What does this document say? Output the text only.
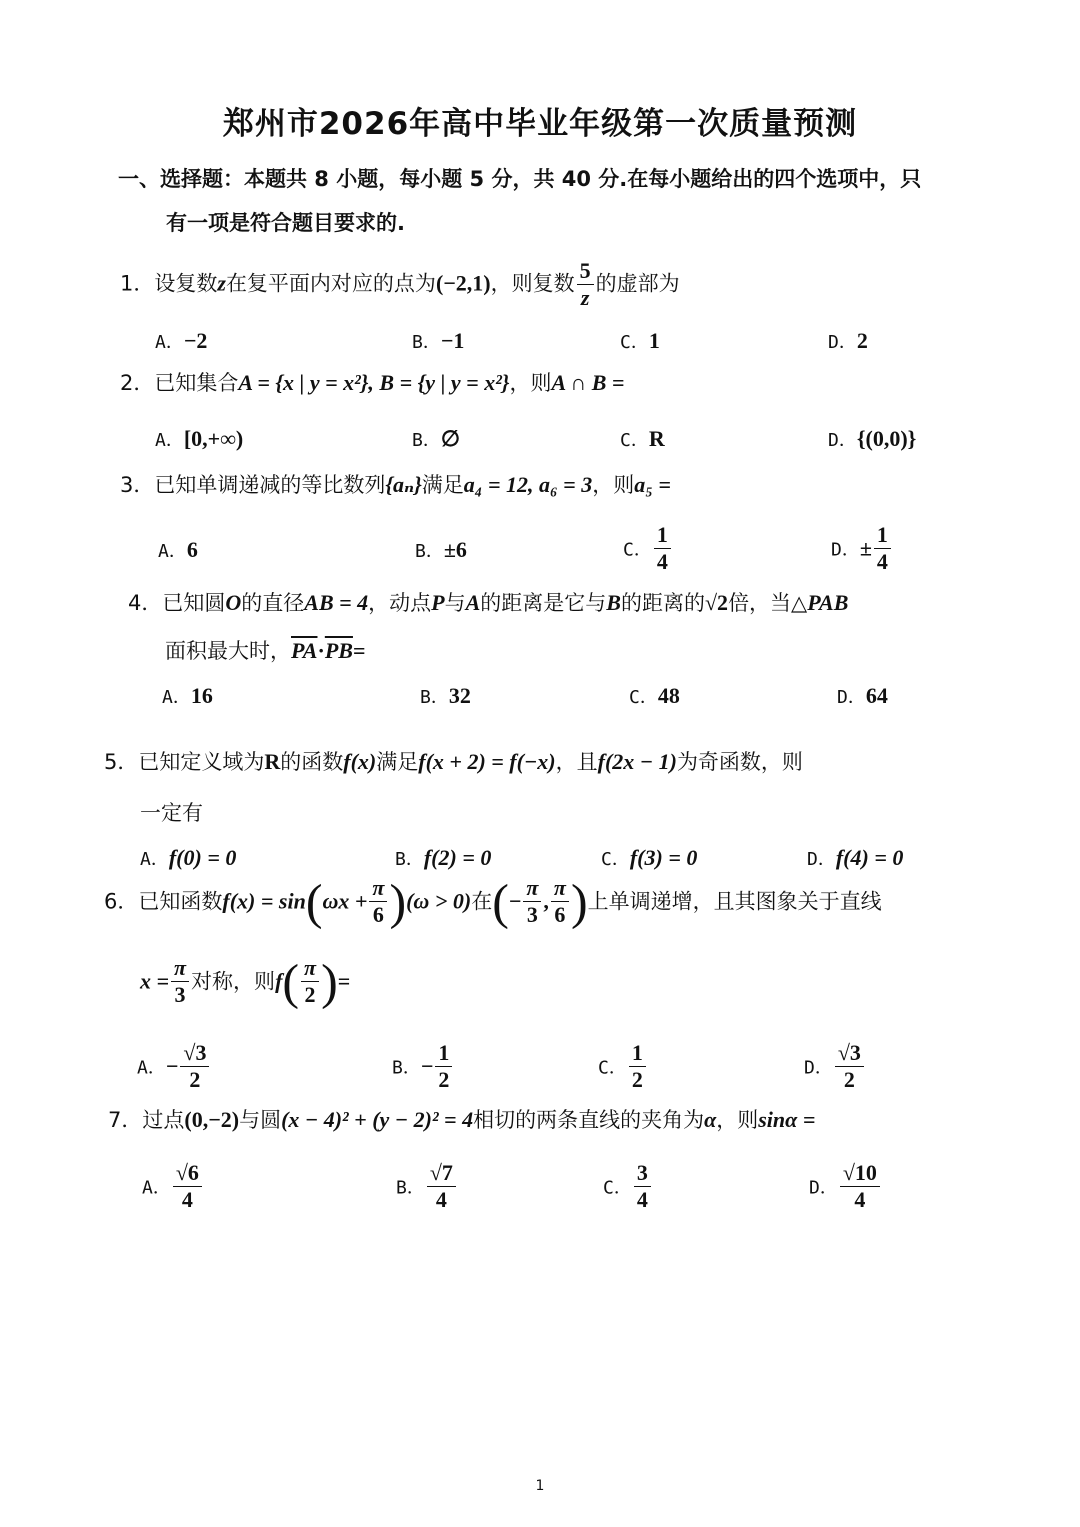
郑州市2026年高中毕业年级第一次质量预测
一、选择题：本题共 8 小题，每小题 5 分，共 40 分.在每小题给出的四个选项中，只
有一项是符合题目要求的.
1．设复数z在复平面内对应的点为(−2,1)，则复数 $\frac{5}{z}$ 的虚部为
A．−2	B．−1	C．1	D．2
2．已知集合A = {x | y = x²}, B = {y | y = x²}，则A ∩ B =
A．[0,+∞)	B．∅	C．R	D．{(0,0)}
3．已知单调递减的等比数列{aₙ}满足a₄ = 12, a₆ = 3，则a₅ =
A．6	B．±6	C． $\frac{1}{4}$	D．± $\frac{1}{4}$
4．已知圆O的直径AB = 4，动点P与A的距离是它与B的距离的√2倍，当△PAB
面积最大时，$\overline{PA}\cdot\overline{PB}=$
A．16	B．32	C．48	D．64
5．已知定义域为R的函数f(x)满足f(x + 2) = f(−x)，且f(2x − 1)为奇函数，则
一定有
A．f(0) = 0	B．f(2) = 0	C．f(3) = 0	D．f(4) = 0
6．已知函数$f(x) = \sin(\omega x + \frac{\pi}{6} )(\omega > 0)$在(− $\frac{\pi}{3}$ , $\frac{\pi}{6}$ )上单调递增，且其图象关于直线
$x = \frac{\pi}{3}$ 对称，则$f( \frac{\pi}{2}$ )=
A．− $\frac{√3}{2}$	B．− $\frac{1}{2}$	C． $\frac{1}{2}$	D． $\frac{√3}{2}$
7．过点(0,−2)与圆(x − 4)² + (y − 2)² = 4相切的两条直线的夹角为α，则sinα =
A． $\frac{√6}{4}$	B． $\frac{√7}{4}$	C． $\frac{3}{4}$	D． $\frac{√10}{4}$
1
